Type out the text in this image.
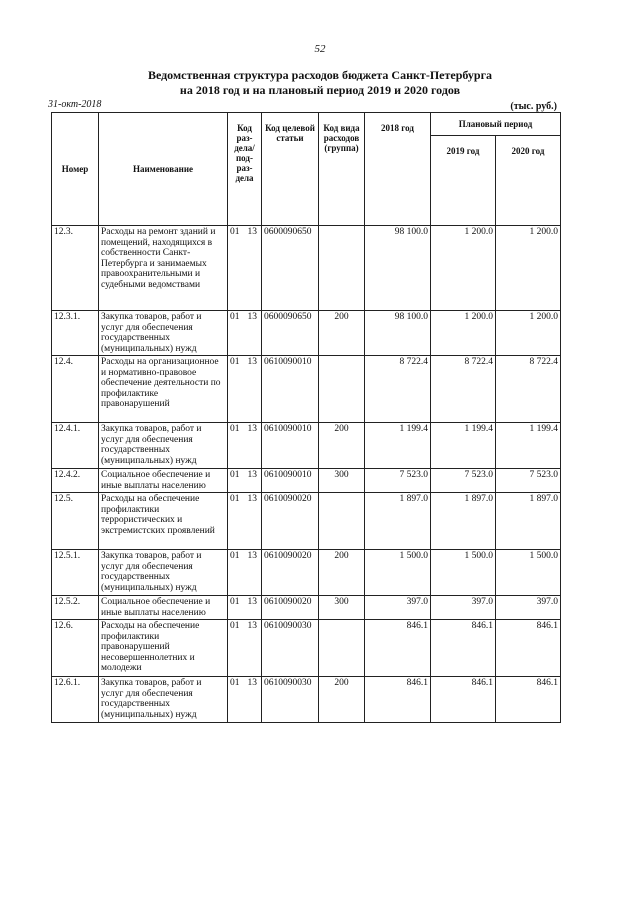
52
Ведомственная структура расходов бюджета Санкт-Петербурга
на 2018 год и на плановый период 2019 и 2020 годов
31-окт-2018	(тыс. руб.)
Номер	Наименование	Код раз- дела/ под- раз- дела	Код целевой статьи	Код вида расходов (группа)	2018 год	Плановый период	
						2019 год	2020 год
12.3.	Расходы на ремонт зданий и помещений, находящихся в собственности Санкт-Петербурга и занимаемых правоохранительными и судебными ведомствами	01 13	0600090650		98 100.0	1 200.0	1 200.0
12.3.1.	Закупка товаров, работ и услуг для обеспечения государственных (муниципальных) нужд	01 13	0600090650	200	98 100.0	1 200.0	1 200.0
12.4.	Расходы на организационное и нормативно-правовое обеспечение деятельности по профилактике правонарушений	01 13	0610090010		8 722.4	8 722.4	8 722.4
12.4.1.	Закупка товаров, работ и услуг для обеспечения государственных (муниципальных) нужд	01 13	0610090010	200	1 199.4	1 199.4	1 199.4
12.4.2.	Социальное обеспечение и иные выплаты населению	01 13	0610090010	300	7 523.0	7 523.0	7 523.0
12.5.	Расходы на обеспечение профилактики террористических и экстремистских проявлений	01 13	0610090020		1 897.0	1 897.0	1 897.0
12.5.1.	Закупка товаров, работ и услуг для обеспечения государственных (муниципальных) нужд	01 13	0610090020	200	1 500.0	1 500.0	1 500.0
12.5.2.	Социальное обеспечение и иные выплаты населению	01 13	0610090020	300	397.0	397.0	397.0
12.6.	Расходы на обеспечение профилактики правонарушений несовершеннолетних и молодежи	01 13	0610090030		846.1	846.1	846.1
12.6.1.	Закупка товаров, работ и услуг для обеспечения государственных (муниципальных) нужд	01 13	0610090030	200	846.1	846.1	846.1
